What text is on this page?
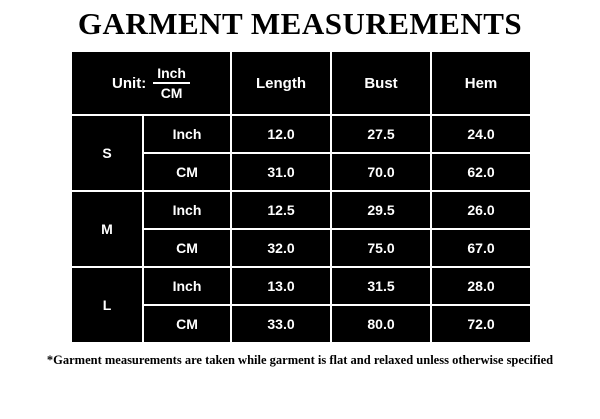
GARMENT MEASUREMENTS
Unit: $\frac{\text{Inch}}{CM}$		Length	Bust	Hem
S	Inch	12.0	27.5	24.0
	CM	31.0	70.0	62.0
M	Inch	12.5	29.5	26.0
	CM	32.0	75.0	67.0
L	Inch	13.0	31.5	28.0
	CM	33.0	80.0	72.0
*Garment measurements are taken while garment is flat and relaxed unless otherwise specified
